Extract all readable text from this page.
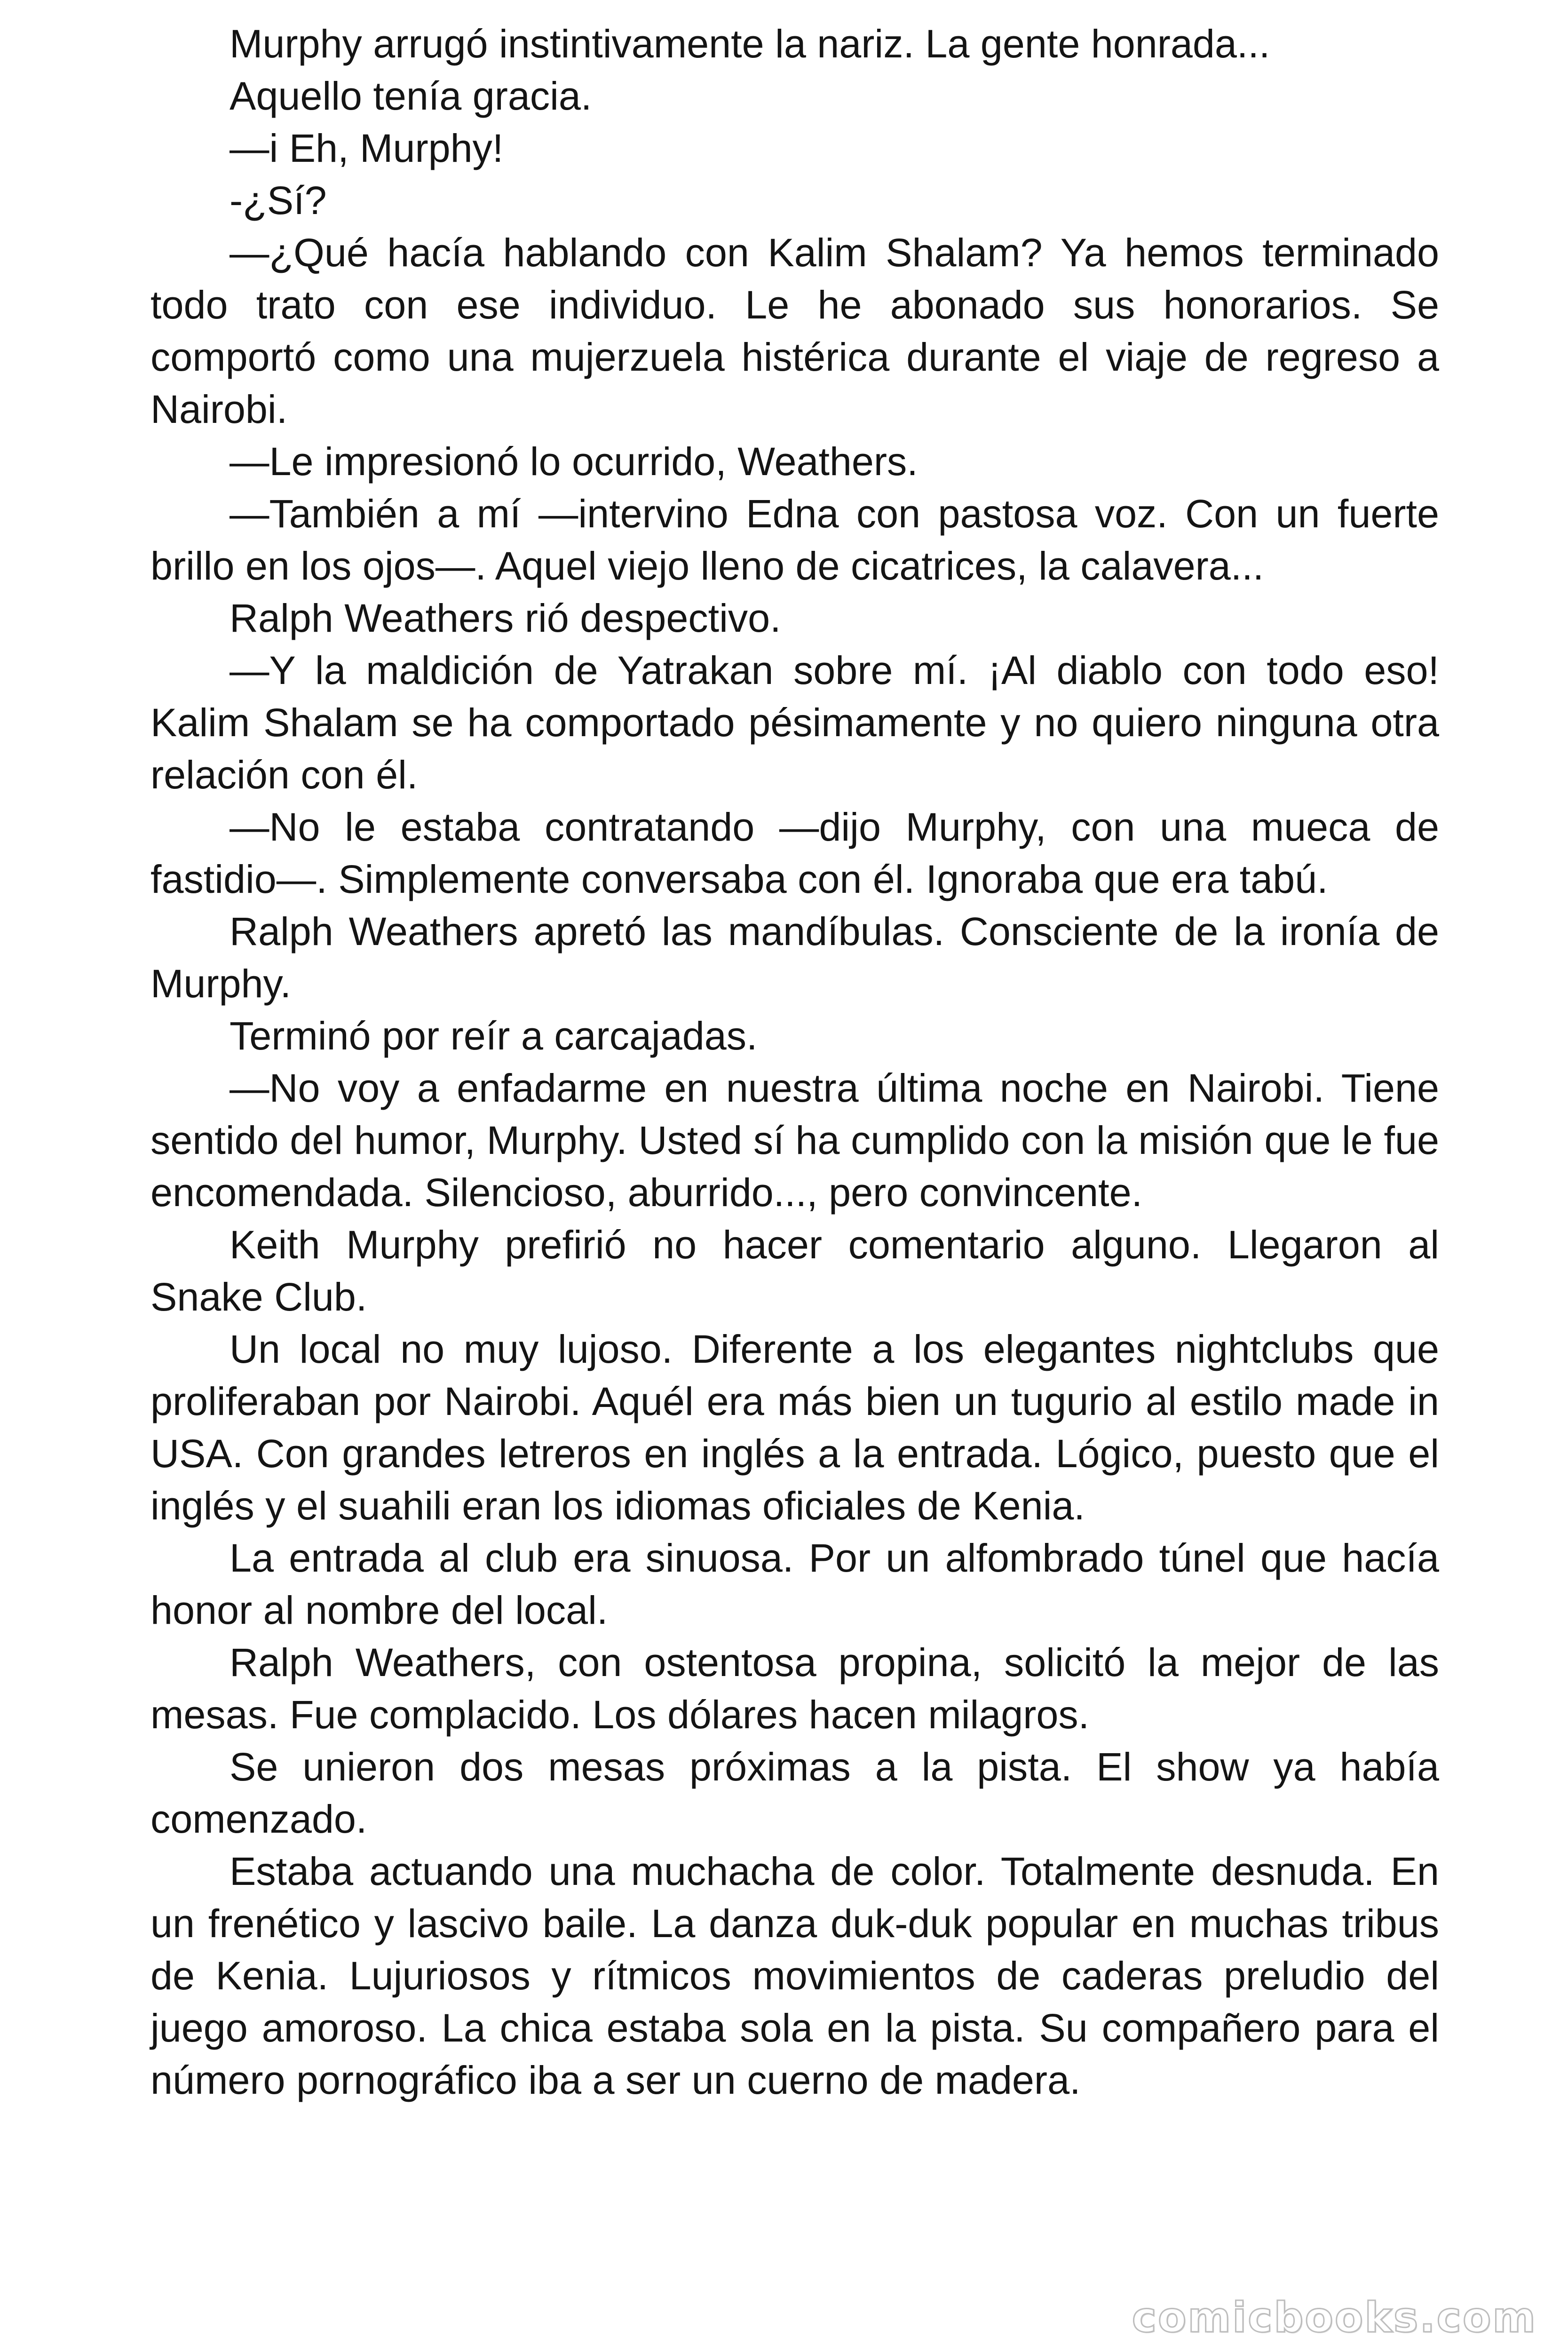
Murphy arrugó instintivamente la nariz. La gente honrada...

Aquello tenía gracia.

—i Eh, Murphy!

-¿Sí?

—¿Qué hacía hablando con Kalim Shalam? Ya hemos terminado todo trato con ese individuo. Le he abonado sus honorarios. Se comportó como una mujerzuela histérica durante el viaje de regreso a Nairobi.

—Le impresionó lo ocurrido, Weathers.

—También a mí —intervino Edna con pastosa voz. Con un fuerte brillo en los ojos—. Aquel viejo lleno de cicatrices, la calavera...

Ralph Weathers rió despectivo.

—Y la maldición de Yatrakan sobre mí. ¡Al diablo con todo eso! Kalim Shalam se ha comportado pésimamente y no quiero ninguna otra relación con él.

—No le estaba contratando —dijo Murphy, con una mueca de fastidio—. Simplemente conversaba con él. Ignoraba que era tabú.

Ralph Weathers apretó las mandíbulas. Consciente de la ironía de Murphy.

Terminó por reír a carcajadas.

—No voy a enfadarme en nuestra última noche en Nairobi. Tiene sentido del humor, Murphy. Usted sí ha cumplido con la misión que le fue encomendada. Silencioso, aburrido..., pero convincente.

Keith Murphy prefirió no hacer comentario alguno. Llegaron al Snake Club.

Un local no muy lujoso. Diferente a los elegantes nightclubs que proliferaban por Nairobi. Aquél era más bien un tugurio al estilo made in USA. Con grandes letreros en inglés a la entrada. Lógico, puesto que el inglés y el suahili eran los idiomas oficiales de Kenia.

La entrada al club era sinuosa. Por un alfombrado túnel que hacía honor al nombre del local.

Ralph Weathers, con ostentosa propina, solicitó la mejor de las mesas. Fue complacido. Los dólares hacen milagros.

Se unieron dos mesas próximas a la pista. El show ya había comenzado.

Estaba actuando una muchacha de color. Totalmente desnuda. En un frenético y lascivo baile. La danza duk-duk popular en muchas tribus de Kenia. Lujuriosos y rítmicos movimientos de caderas preludio del juego amoroso. La chica estaba sola en la pista. Su compañero para el número pornográfico iba a ser un cuerno de madera.

comicbooks.com
